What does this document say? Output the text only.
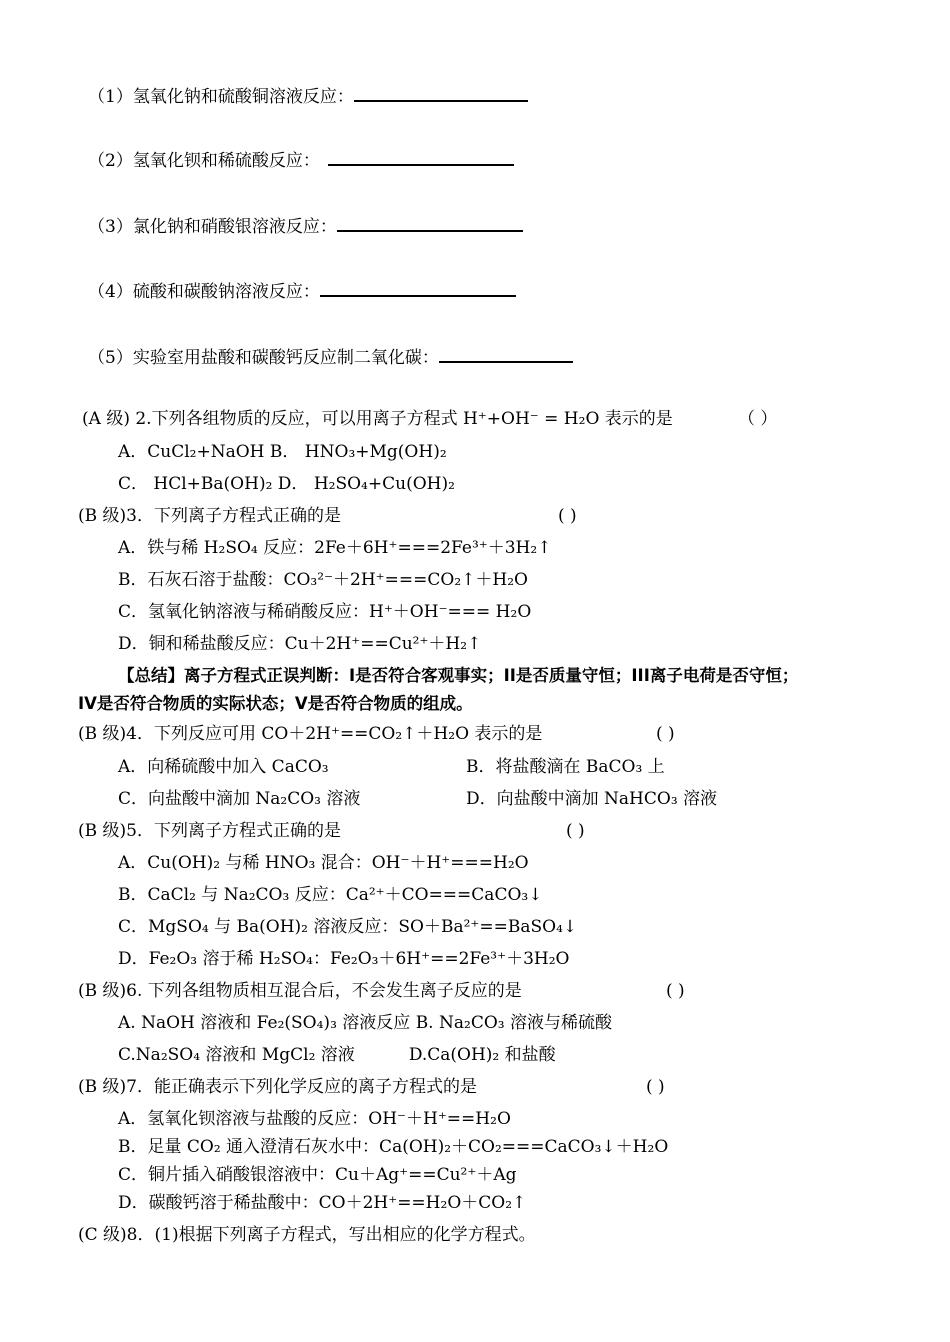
（1）氢氧化钠和硫酸铜溶液反应：
（2）氢氧化钡和稀硫酸反应：
（3）氯化钠和硝酸银溶液反应：
（4）硫酸和碳酸钠溶液反应：
（5）实验室用盐酸和碳酸钙反应制二氧化碳：
(A 级) 2.下列各组物质的反应，可以用离子方程式 H⁺+OH⁻ = H₂O 表示的是	（ ）
A．CuCl₂+NaOH B． HNO₃+Mg(OH)₂
C． HCl+Ba(OH)₂ D． H₂SO₄+Cu(OH)₂
(B 级)3．下列离子方程式正确的是	( )
A．铁与稀 H₂SO₄ 反应：2Fe＋6H⁺===2Fe³⁺＋3H₂↑
B．石灰石溶于盐酸：CO₃²⁻＋2H⁺===CO₂↑＋H₂O
C．氢氧化钠溶液与稀硝酸反应：H⁺＋OH⁻=== H₂O
D．铜和稀盐酸反应：Cu＋2H⁺==Cu²⁺＋H₂↑
【总结】离子方程式正误判断：I是否符合客观事实；II是否质量守恒；III离子电荷是否守恒；
IV是否符合物质的实际状态；V是否符合物质的组成。
(B 级)4．下列反应可用 CO＋2H⁺==CO₂↑＋H₂O 表示的是	( )
A．向稀硫酸中加入 CaCO₃	B．将盐酸滴在 BaCO₃ 上
C．向盐酸中滴加 Na₂CO₃ 溶液	D．向盐酸中滴加 NaHCO₃ 溶液
(B 级)5．下列离子方程式正确的是	( )
A．Cu(OH)₂ 与稀 HNO₃ 混合：OH⁻＋H⁺===H₂O
B．CaCl₂ 与 Na₂CO₃ 反应：Ca²⁺＋CO===CaCO₃↓
C．MgSO₄ 与 Ba(OH)₂ 溶液反应：SO＋Ba²⁺==BaSO₄↓
D．Fe₂O₃ 溶于稀 H₂SO₄：Fe₂O₃＋6H⁺==2Fe³⁺＋3H₂O
(B 级)6. 下列各组物质相互混合后，不会发生离子反应的是	( )
A. NaOH 溶液和 Fe₂(SO₄)₃ 溶液反应 B. Na₂CO₃ 溶液与稀硫酸
C.Na₂SO₄ 溶液和 MgCl₂ 溶液          D.Ca(OH)₂ 和盐酸
(B 级)7．能正确表示下列化学反应的离子方程式的是	( )
A．氢氧化钡溶液与盐酸的反应：OH⁻＋H⁺==H₂O
B．足量 CO₂ 通入澄清石灰水中：Ca(OH)₂＋CO₂===CaCO₃↓＋H₂O
C．铜片插入硝酸银溶液中：Cu＋Ag⁺==Cu²⁺＋Ag
D．碳酸钙溶于稀盐酸中：CO＋2H⁺==H₂O＋CO₂↑
(C 级)8．(1)根据下列离子方程式，写出相应的化学方程式。
